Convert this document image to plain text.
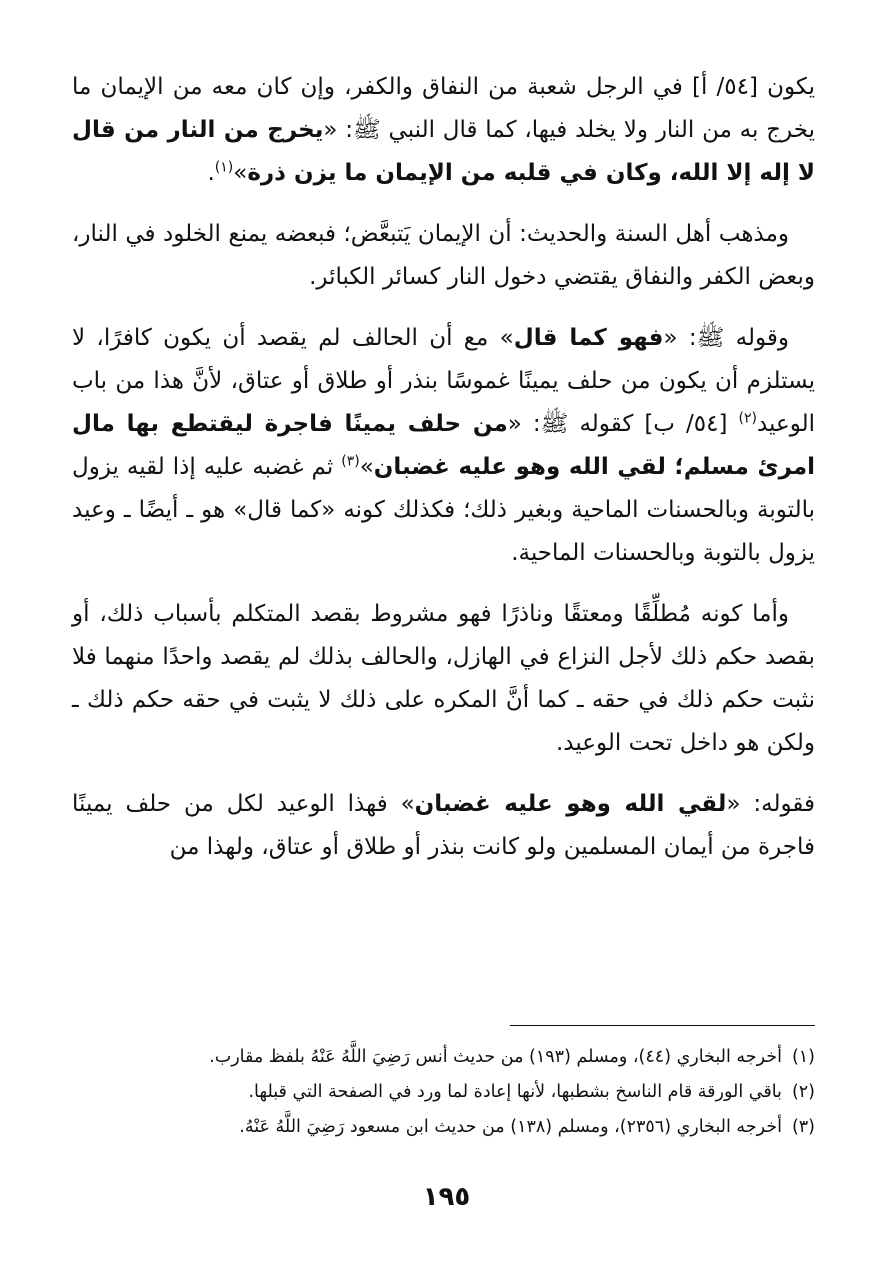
يكون [٥٤/ أ] في الرجل شعبة من النفاق والكفر، وإن كان معه من الإيمان ما يخرج به من النار ولا يخلد فيها، كما قال النبي ﷺ: «يخرج من النار من قال لا إله إلا الله، وكان في قلبه من الإيمان ما يزن ذرة»$^{(١)}$.

ومذهب أهل السنة والحديث: أن الإيمان يَتبعَّض؛ فبعضه يمنع الخلود في النار، وبعض الكفر والنفاق يقتضي دخول النار كسائر الكبائر.

وقوله ﷺ: «فهو كما قال» مع أن الحالف لم يقصد أن يكون كافرًا، لا يستلزم أن يكون من حلف يمينًا غموسًا بنذر أو طلاق أو عتاق، لأنَّ هذا من باب الوعيد$^{(٢)}$ [٥٤/ ب] كقوله ﷺ: «من حلف يمينًا فاجرة ليقتطع بها مال امرئ مسلم؛ لقي الله وهو عليه غضبان»$^{(٣)}$ ثم غضبه عليه إذا لقيه يزول بالتوبة وبالحسنات الماحية وبغير ذلك؛ فكذلك كونه «كما قال» هو ـ أيضًا ـ وعيد يزول بالتوبة وبالحسنات الماحية.

وأما كونه مُطلِّقًا ومعتقًا وناذرًا فهو مشروط بقصد المتكلم بأسباب ذلك، أو بقصد حكم ذلك لأجل النزاع في الهازل، والحالف بذلك لم يقصد واحدًا منهما فلا نثبت حكم ذلك في حقه ـ كما أنَّ المكره على ذلك لا يثبت في حقه حكم ذلك ـ ولكن هو داخل تحت الوعيد.

فقوله: «لقي الله وهو عليه غضبان» فهذا الوعيد لكل من حلف يمينًا فاجرة من أيمان المسلمين ولو كانت بنذر أو طلاق أو عتاق، ولهذا من

(١)أخرجه البخاري (٤٤)، ومسلم (١٩٣) من حديث أنس رَضِيَ اللَّهُ عَنْهُ بلفظ مقارب.

(٢)باقي الورقة قام الناسخ بشطبها، لأنها إعادة لما ورد في الصفحة التي قبلها.

(٣)أخرجه البخاري (٢٣٥٦)، ومسلم (١٣٨) من حديث ابن مسعود رَضِيَ اللَّهُ عَنْهُ.

١٩٥
